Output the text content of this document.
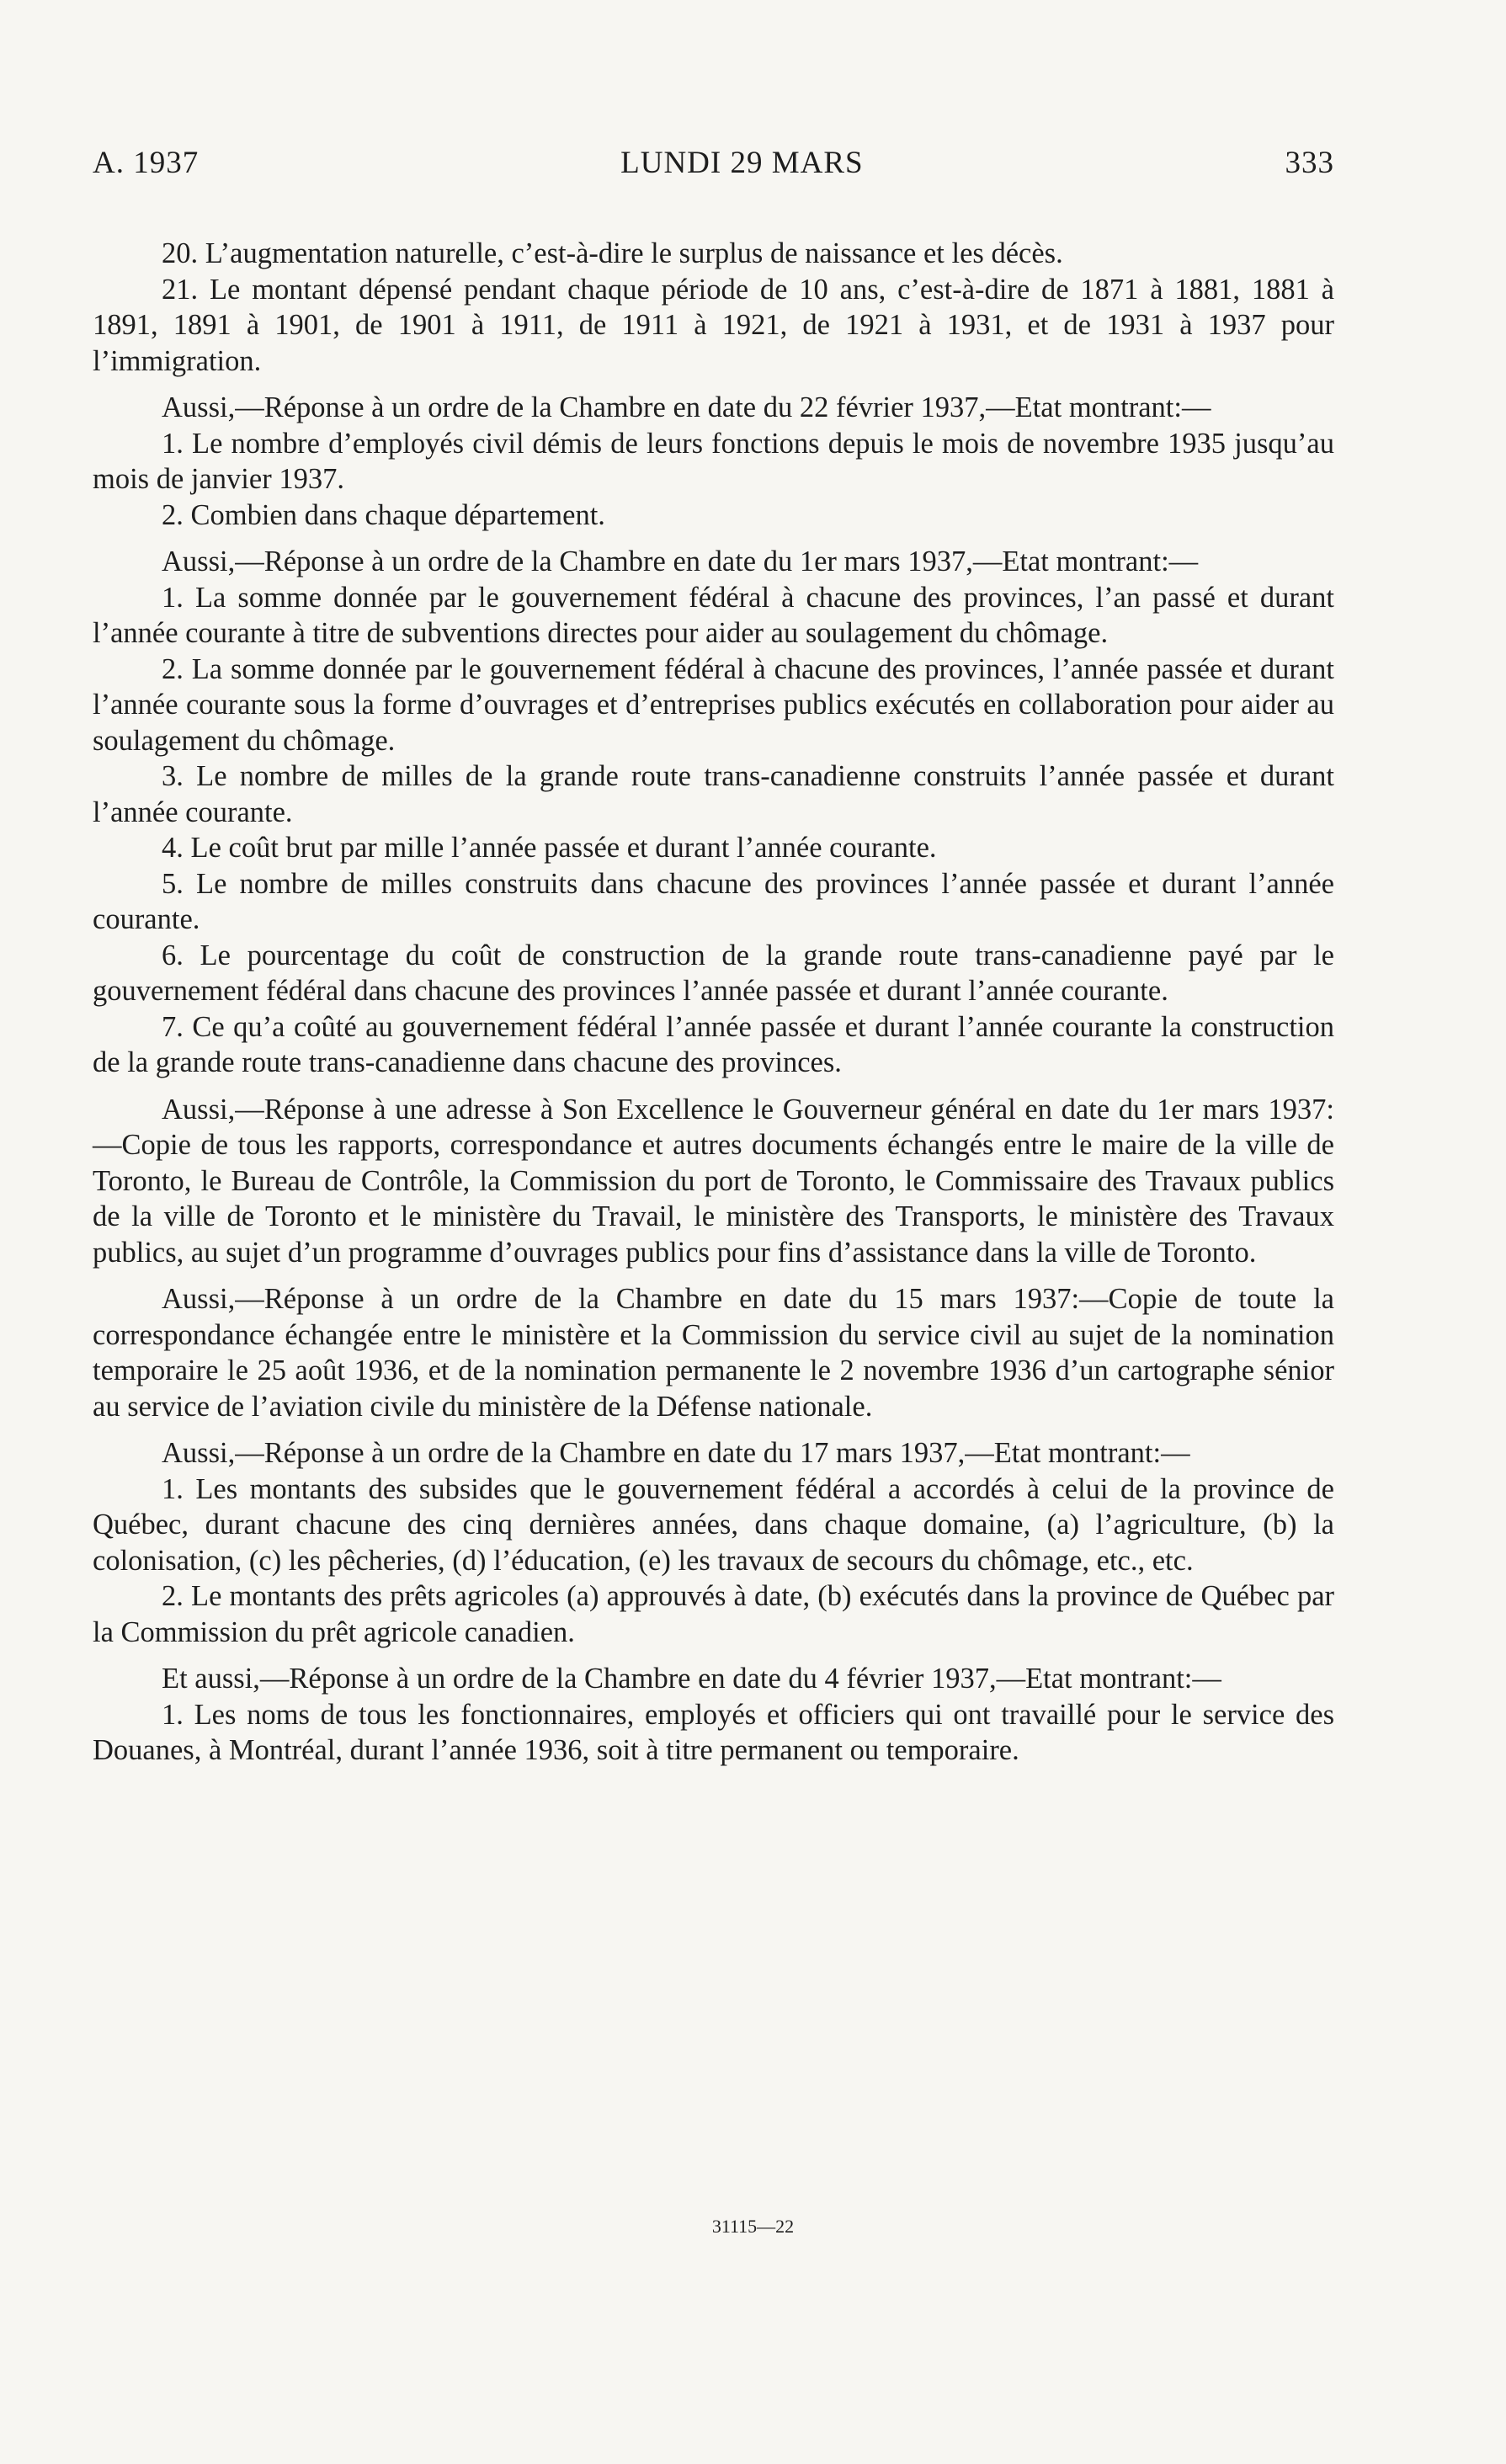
A. 1937	LUNDI 29 MARS	333

20. L’augmentation naturelle, c’est-à-dire le surplus de naissance et les décès.

21. Le montant dépensé pendant chaque période de 10 ans, c’est-à-dire de 1871 à 1881, 1881 à 1891, 1891 à 1901, de 1901 à 1911, de 1911 à 1921, de 1921 à 1931, et de 1931 à 1937 pour l’immigration.

Aussi,—Réponse à un ordre de la Chambre en date du 22 février 1937,—Etat montrant:—

1. Le nombre d’employés civil démis de leurs fonctions depuis le mois de novembre 1935 jusqu’au mois de janvier 1937.

2. Combien dans chaque département.

Aussi,—Réponse à un ordre de la Chambre en date du 1er mars 1937,—Etat montrant:—

1. La somme donnée par le gouvernement fédéral à chacune des provinces, l’an passé et durant l’année courante à titre de subventions directes pour aider au soulagement du chômage.

2. La somme donnée par le gouvernement fédéral à chacune des provinces, l’année passée et durant l’année courante sous la forme d’ouvrages et d’entreprises publics exécutés en collaboration pour aider au soulagement du chômage.

3. Le nombre de milles de la grande route trans-canadienne construits l’année passée et durant l’année courante.

4. Le coût brut par mille l’année passée et durant l’année courante.

5. Le nombre de milles construits dans chacune des provinces l’année passée et durant l’année courante.

6. Le pourcentage du coût de construction de la grande route trans-canadienne payé par le gouvernement fédéral dans chacune des provinces l’année passée et durant l’année courante.

7. Ce qu’a coûté au gouvernement fédéral l’année passée et durant l’année courante la construction de la grande route trans-canadienne dans chacune des provinces.

Aussi,—Réponse à une adresse à Son Excellence le Gouverneur général en date du 1er mars 1937:—Copie de tous les rapports, correspondance et autres documents échangés entre le maire de la ville de Toronto, le Bureau de Contrôle, la Commission du port de Toronto, le Commissaire des Travaux publics de la ville de Toronto et le ministère du Travail, le ministère des Transports, le ministère des Travaux publics, au sujet d’un programme d’ouvrages publics pour fins d’assistance dans la ville de Toronto.

Aussi,—Réponse à un ordre de la Chambre en date du 15 mars 1937:—Copie de toute la correspondance échangée entre le ministère et la Commission du service civil au sujet de la nomination temporaire le 25 août 1936, et de la nomination permanente le 2 novembre 1936 d’un cartographe sénior au service de l’aviation civile du ministère de la Défense nationale.

Aussi,—Réponse à un ordre de la Chambre en date du 17 mars 1937,—Etat montrant:—

1. Les montants des subsides que le gouvernement fédéral a accordés à celui de la province de Québec, durant chacune des cinq dernières années, dans chaque domaine, (a) l’agriculture, (b) la colonisation, (c) les pêcheries, (d) l’éducation, (e) les travaux de secours du chômage, etc., etc.

2. Le montants des prêts agricoles (a) approuvés à date, (b) exécutés dans la province de Québec par la Commission du prêt agricole canadien.

Et aussi,—Réponse à un ordre de la Chambre en date du 4 février 1937,—Etat montrant:—

1. Les noms de tous les fonctionnaires, employés et officiers qui ont travaillé pour le service des Douanes, à Montréal, durant l’année 1936, soit à titre permanent ou temporaire.

31115—22
